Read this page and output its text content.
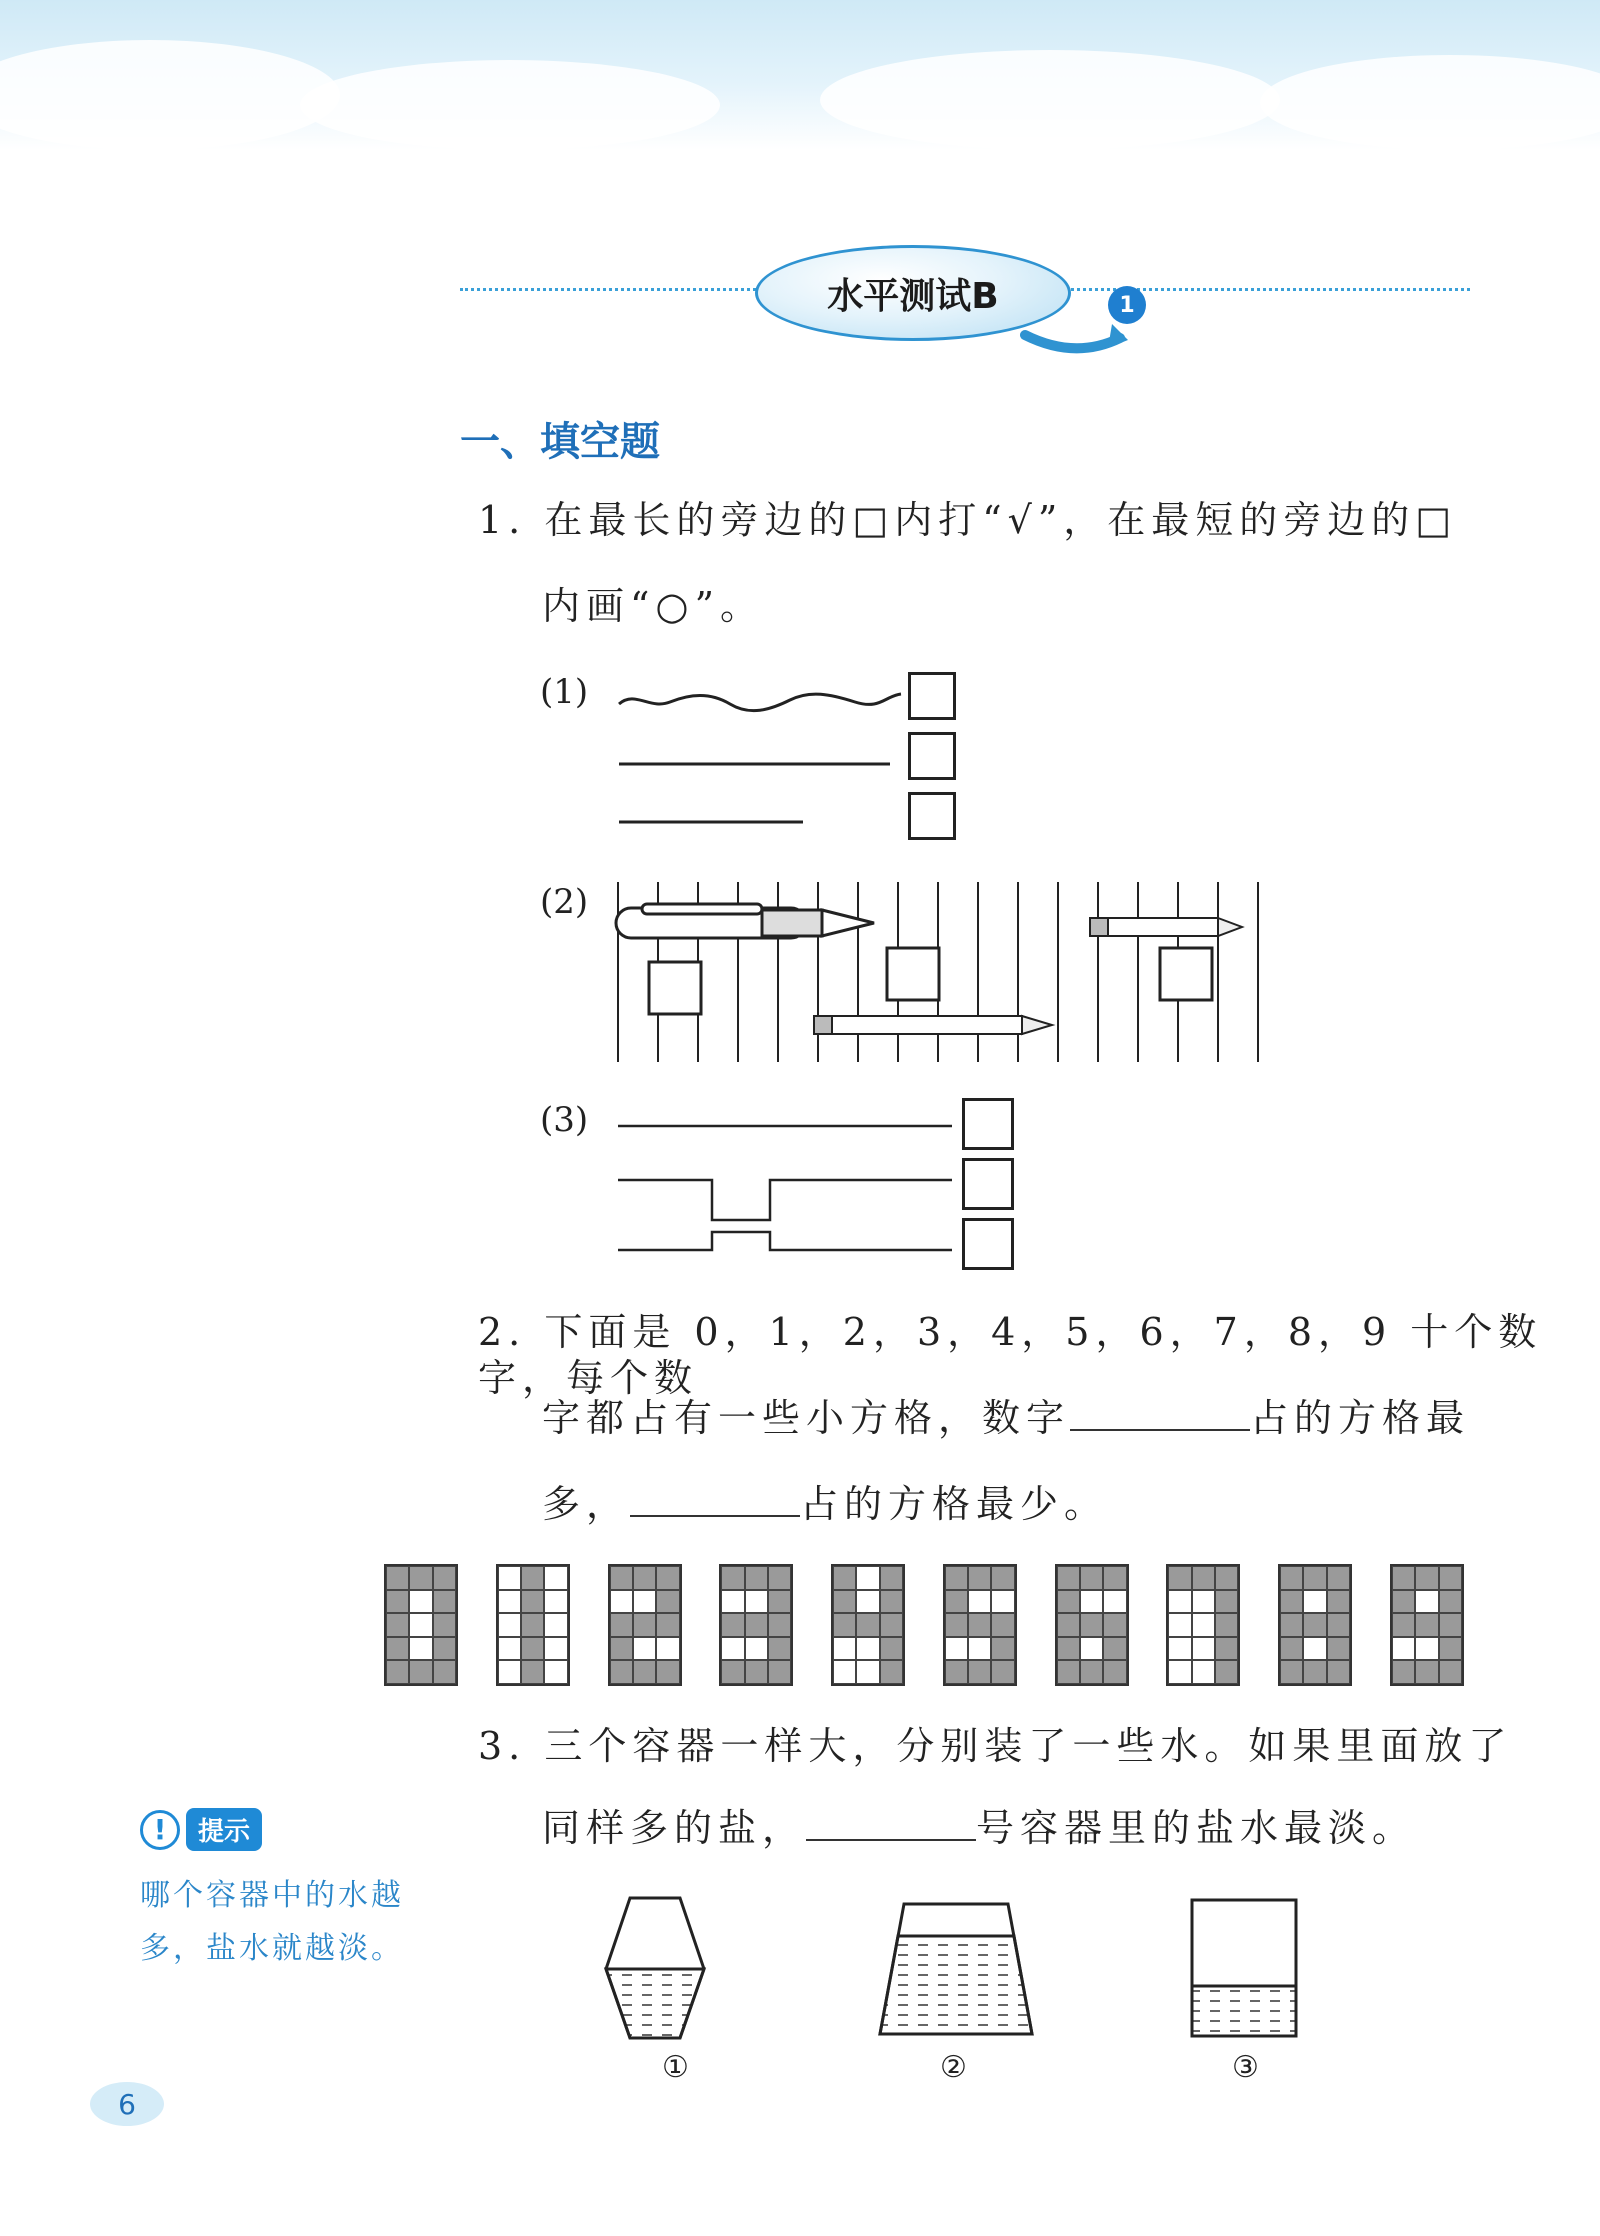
水平测试B	1
一、填空题
1. 在最长的旁边的□内打“√”，在最短的旁边的□
内画“○”。
(1)
(2)
(3)
2. 下面是 0，1，2，3，4，5，6，7，8，9 十个数字，每个数
字都占有一些小方格，数字	占的方格最
多，	占的方格最少。
3. 三个容器一样大，分别装了一些水。如果里面放了
同样多的盐，	号容器里的盐水最淡。
①	②	③
!	提示
哪个容器中的水越多，盐水就越淡。
6
